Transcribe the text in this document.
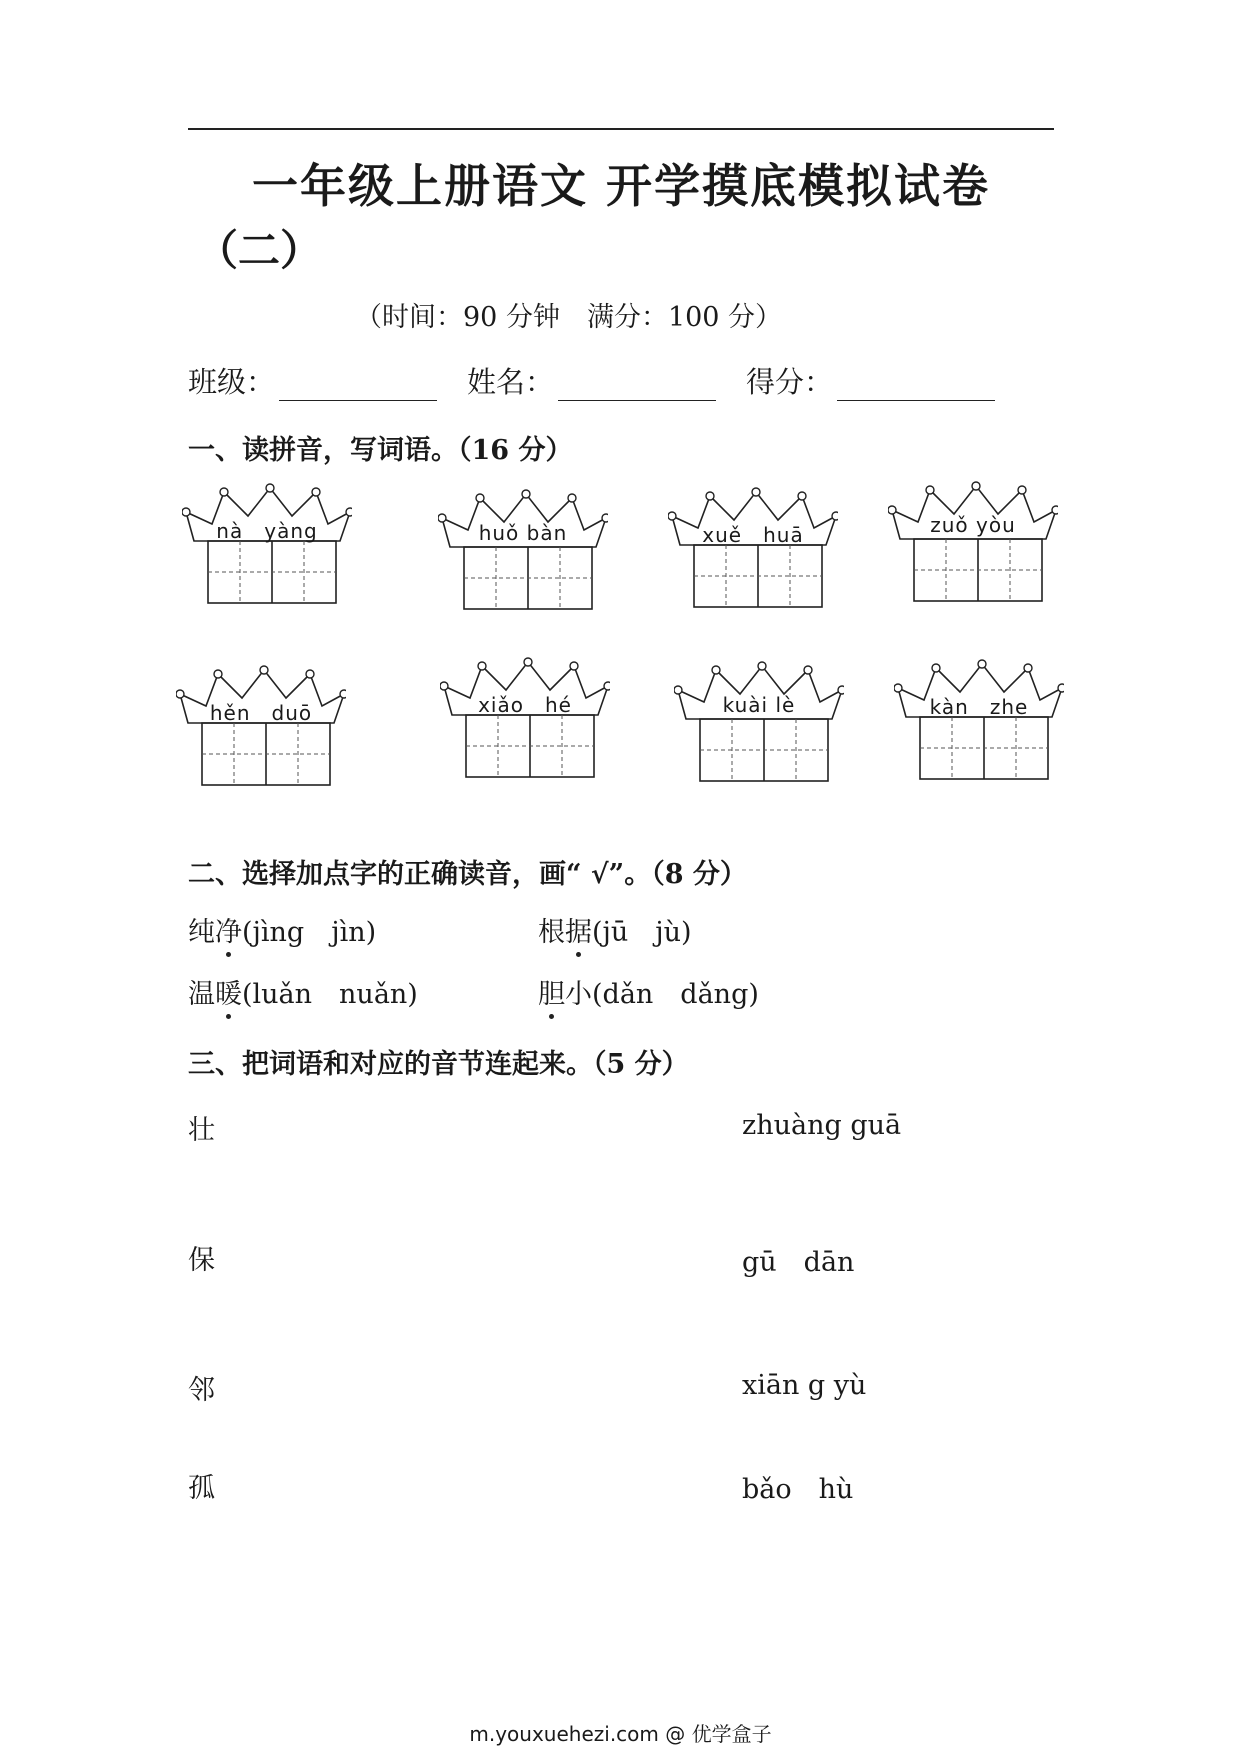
一年级上册语文 开学摸底模拟试卷
（二）
（时间：90 分钟　满分：100 分）
班级：	姓名：	得分：
一、读拼音，写词语。（16 分）
nà　yàng	huǒ bàn	xuě　huā	zuǒ yòu
hěn　duō	xiǎo　hé	kuài lè	kàn　zhe
二、选择加点字的正确读音，画“ √”。（8 分）
纯净(jìng　jìn)	根据(jū　jù)
温暖(luǎn　nuǎn)	胆小(dǎn　dǎng)
三、把词语和对应的音节连起来。（5 分）
壮
保
邻
孤
zhuàng guā
gū　dān
xiān g yù
bǎo　hù
m.youxuehezi.com @ 优学盒子
